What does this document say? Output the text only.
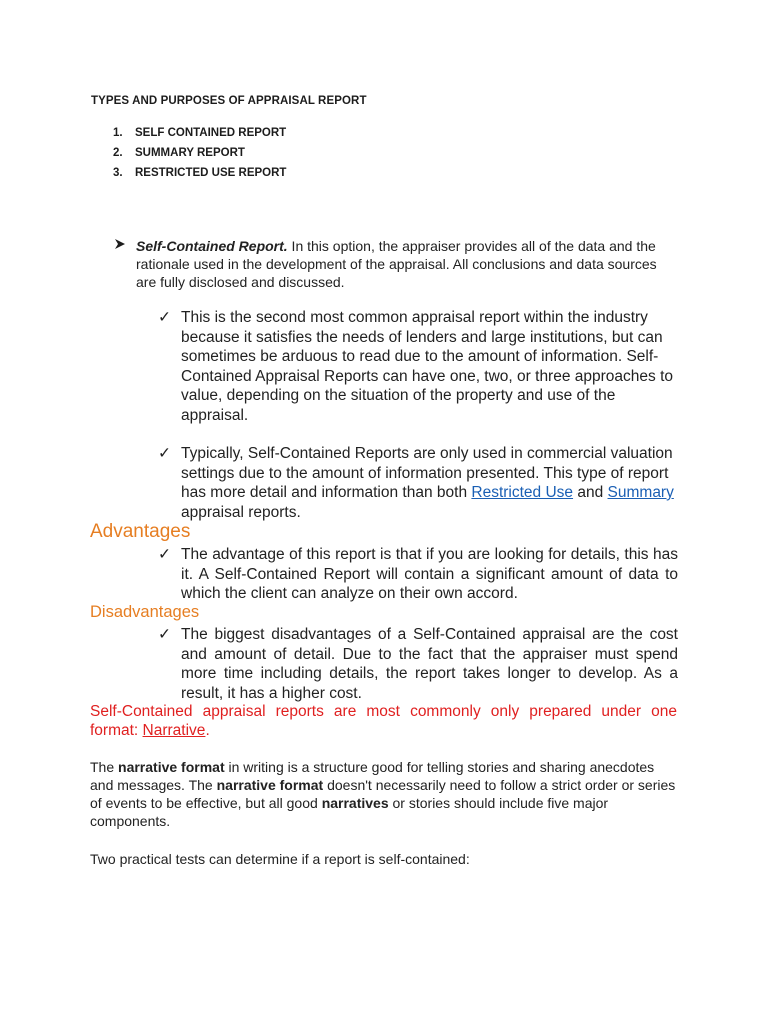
TYPES AND PURPOSES OF APPRAISAL REPORT
1.	SELF CONTAINED REPORT
2.	SUMMARY REPORT
3.	RESTRICTED USE REPORT
Self-Contained Report. In this option, the appraiser provides all of the data and the rationale used in the development of the appraisal. All conclusions and data sources are fully disclosed and discussed.
✓ This is the second most common appraisal report within the industry because it satisfies the needs of lenders and large institutions, but can sometimes be arduous to read due to the amount of information. Self-Contained Appraisal Reports can have one, two, or three approaches to value, depending on the situation of the property and use of the appraisal.
✓ Typically, Self-Contained Reports are only used in commercial valuation settings due to the amount of information presented. This type of report has more detail and information than both Restricted Use and Summary appraisal reports.
Advantages
✓ The advantage of this report is that if you are looking for details, this has it. A Self-Contained Report will contain a significant amount of data to which the client can analyze on their own accord.
Disadvantages
✓ The biggest disadvantages of a Self-Contained appraisal are the cost and amount of detail. Due to the fact that the appraiser must spend more time including details, the report takes longer to develop. As a result, it has a higher cost.
Self-Contained appraisal reports are most commonly only prepared under one format: Narrative.
The narrative format in writing is a structure good for telling stories and sharing anecdotes and messages. The narrative format doesn't necessarily need to follow a strict order or series of events to be effective, but all good narratives or stories should include five major components.
Two practical tests can determine if a report is self-contained:
